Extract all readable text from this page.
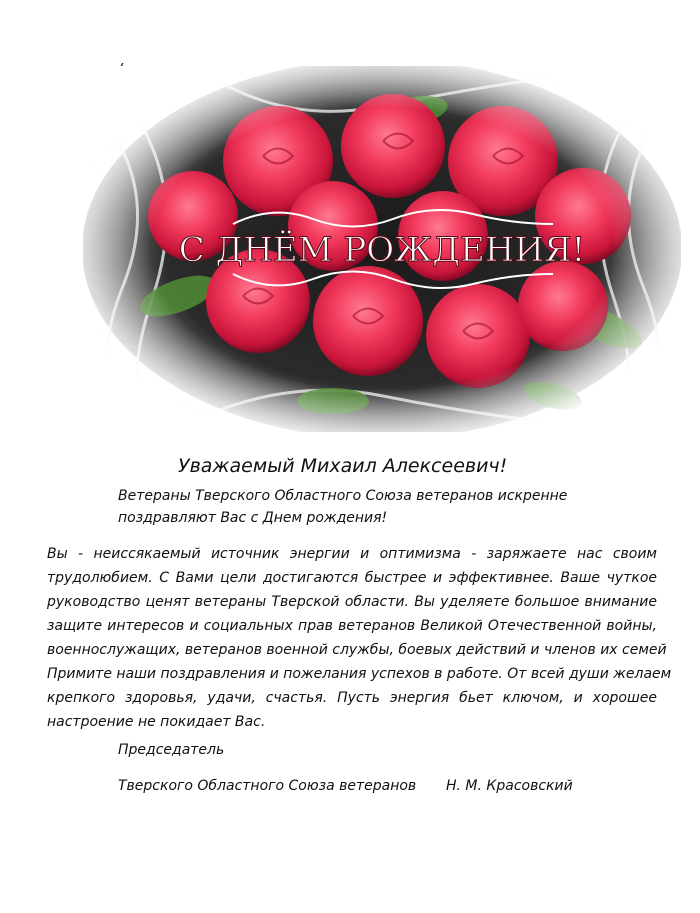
Уважаемый Михаил Алексеевич!
Ветераны Тверского Областного Союза ветеранов искренне
поздравляют Вас с Днем рождения!
Вы - неиссякаемый источник энергии и оптимизма - заряжаете нас своим
трудолюбием. С Вами цели достигаются быстрее и эффективнее. Ваше чуткое
руководство ценят ветераны Тверской области. Вы уделяете большое внимание
защите интересов и социальных прав ветеранов Великой Отечественной войны,
военнослужащих, ветеранов военной службы, боевых действий и членов их семей
Примите наши поздравления и пожелания успехов в работе. От всей души желаем
крепкого здоровья, удачи, счастья. Пусть энергия бьет ключом, и хорошее
настроение не покидает Вас.
Председатель
Тверского Областного Союза ветеранов Н. М. Красовский
